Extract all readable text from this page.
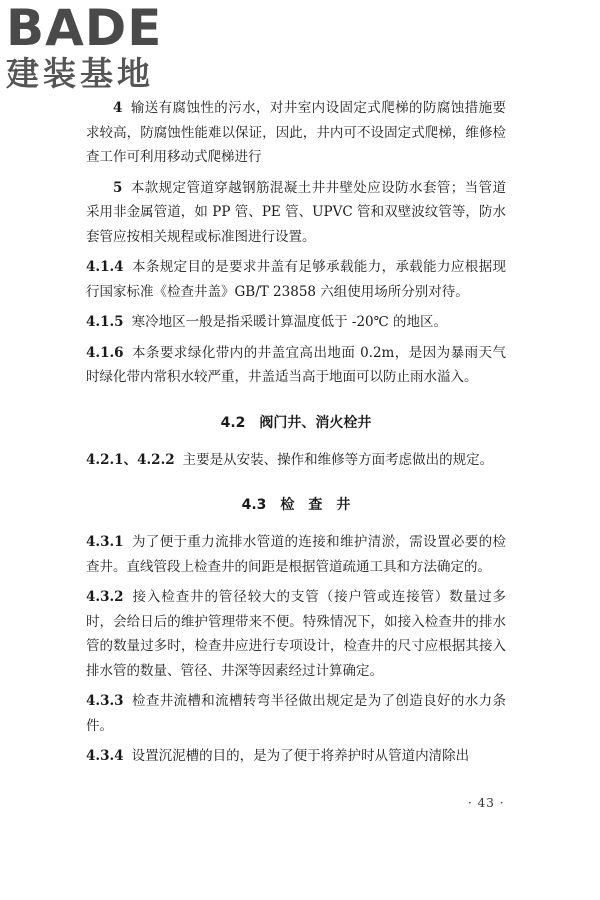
BADE
建装基地

4 输送有腐蚀性的污水，对井室内设固定式爬梯的防腐蚀措施要求较高，防腐蚀性能难以保证，因此，井内可不设固定式爬梯，维修检查工作可利用移动式爬梯进行

5 本款规定管道穿越钢筋混凝土井井壁处应设防水套管；当管道采用非金属管道，如 PP 管、PE 管、UPVC 管和双壁波纹管等，防水套管应按相关规程或标准图进行设置。

4.1.4 本条规定目的是要求井盖有足够承载能力，承载能力应根据现行国家标准《检查井盖》GB/T 23858 六组使用场所分别对待。

4.1.5 寒冷地区一般是指采暖计算温度低于 -20℃ 的地区。

4.1.6 本条要求绿化带内的井盖宜高出地面 0.2m，是因为暴雨天气时绿化带内常积水较严重，井盖适当高于地面可以防止雨水溢入。

4.2　阀门井、消火栓井

4.2.1、4.2.2 主要是从安装、操作和维修等方面考虑做出的规定。

4.3　检　查　井

4.3.1 为了便于重力流排水管道的连接和维护清淤，需设置必要的检查井。直线管段上检查井的间距是根据管道疏通工具和方法确定的。

4.3.2 接入检查井的管径较大的支管（接户管或连接管）数量过多时，会给日后的维护管理带来不便。特殊情况下，如接入检查井的排水管的数量过多时，检查井应进行专项设计，检查井的尺寸应根据其接入排水管的数量、管径、井深等因素经过计算确定。

4.3.3 检查井流槽和流槽转弯半径做出规定是为了创造良好的水力条件。

4.3.4 设置沉泥槽的目的，是为了便于将养护时从管道内清除出

· 43 ·
